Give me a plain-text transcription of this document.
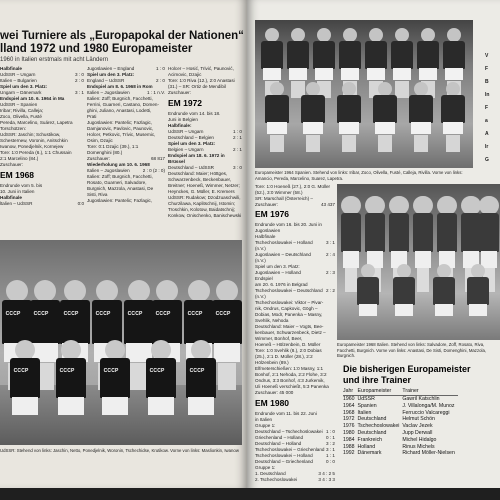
wei Turniere als „Europapokal der Nationen“
lland 1972 und 1980 Europameister
1960 in Italien erstmals mit acht Ländern
Halbfinale
UdSSR – Ungarn	3 : 0
Italien – Bulgarien	2 : 0
Spiel um den 3. Platz:
Ungarn – Dänemark	3 : 1
Endspiel am 10. 6. 1964 in Ma
UdSSR – Spanien
Iribar; Rivilla, Calleja;
Zoco, Olivella, Fusté
Pereda, Marcelino, Suárez, Lapetra
Torschützen:
UdSSR: Jaschin; Schustikow,
Schesternew, Voronin, Anitschkin
Iwanow, Ponedjelnik, Kornejew
Tore: 1:0 Pereda (6.), 1:1 Chussain
2:1 Marcelino (84.)
Zuschauer:
EM 1968
Endrunde vom 5. bis
10. Juni in Italien
Halbfinale
ltalien – UdSSR	0:0
Jugoslawien – England	1 : 0
Spiel um den 3. Platz:
England – UdSSR	2 : 0
Endspiel am 8. 6. 1968 in Rom
Italien – Jugoslawien	1 : 1 n.V.
Italien: Zoff; Burgnich, Facchetti,
Ferrini, Guarneri, Castano, Domen-
ghini, Juliano, Anastasi, Lodetti,
Prati
Jugoslawien: Pantelic; Fazlagic,
Damjanovic, Pavlovic, Paunovic,
Holcer, Petkovic, Trivic, Musemic,
Osim, Dzajic
Tore: 0:1 Dzajic (39.), 1:1
Domenghini (80.)
Zuschauer:	68 817
Wiederholung am 10. 6. 1968
Italien – Jugoslawien	2 : 0 (2 : 0)
Italien: Zoff; Burgnich, Facchetti,
Rosato, Guarneri, Salvadore,
Burgnich, Mazzola, Anastasi, De
Sisti, Riva
Jugoslawien: Pantelic; Fazlagic,
Holcer – Hosić, Trivić, Paunović,
Acimovic, Dzajic
Tore: 1:0 Riva (12.), 2:0 Anastasi
(31.) – SR: Ortiz de Mendibil
Zuschauer:
EM 1972
Endrunde vom 14. bis 18.
Juni in Belgien
Halbfinale:
UdSSR – Ungarn	1 : 0
Deutschland – Belgien	2 : 1
Spiel um den 3. Platz:
Belgien – Ungarn	2 : 1
Endspiel am 18. 6. 1972 in
Brüssel
Deutschland – UdSSR	3 : 0
Deutschland: Maier; Höttges,
Schwarzenbeck, Beckenbauer,
Breitner; Hoeneß, Wimmer, Netzer;
Heynckes, G. Müller, E. Kremers
UdSSR: Rudakow; Dzodzuaschwili,
Churzilawa, Kaplitschnij, Istomin;
Troschkin, Kolotow, Baidatschnij;
Konkow, Onischenko, Banischewski
CCCP	CCCP	CCCP	CCCP	CCCP	CCCP	CCCP	CCCP
CCCP	CCCP	CCCP	CCCP	CCCP
UdSSR: Stehend von links: Jaschin, Netto, Ponedjelnik, Woronin, Tschechidse, Krutikow. Vorne von links: Maslionkin, Iwanow
Europameister 1964 Spanien. Stehend von links: Iribar, Zoco, Olivella, Fusté, Calleja, Rivilla. Vorne von links: Amancio, Pereda, Marcelino, Suarez, Lapetra.
Tore: 1:0 Hoeneß (27.), 2:0 G. Müller
(52.), 3:0 Wimmer (58.)
SR: Marschall (Österreich) –
Zuschauer:	43 437
EM 1976
Endrunde vom 16. bis 20. Juni in
Jugoslawien
Halbfinale
Tschechoslowakei – Holland	3 : 1
(n.V.)
Jugoslawien – Deutschland	2 : 4
(n.V.)
Spiel um den 3. Platz:
Jugoslawien – Holland	2 : 3
Endspiel
am 20. 6. 1976 in Belgrad
Tschechoslowakei – Deutschland 2 : 2
(n.V.)
Tschechoslowakei: Viktor – Pivar-
nik, Ondrus, Capkovic, Gögh –
Dobias, Modr, Panenka – Masny,
Svehlik, Nehoda
Deutschland: Maier – Vogts, Bee-
kenbauer, Schwarzenbeck, Dietz –
Wimmer, Bonhof, Beer,
Hoeneß – Hölzenbein, D. Müller
Tore: 1:0 Svehlik (8.), 2:0 Dobias
(25.), 2:1 D. Müller (28.), 2:2
Hölzenbein (89.)
Elfmeterschießen: 1:0 Masny, 1:1
Bonhof, 2:1 Nehoda, 2:2 Flohe, 3:2
Ondrus, 3:3 Bonhof, 4:3 Jurkemik,
Uli Hoeneß verschießt, 5:3 Panenka
Zuschauer: 45 000
EM 1980
Endrunde vom 11. bis 22. Juni
in Italien
Gruppe 1:
Deutschland – Tschechoslowakei 1 : 0
Griechenland – Holland	0 : 1
Deutschland – Holland	3 : 2
Tschechoslowakei – Griechenland 3 : 1
Tschechoslowakei – Holland	1 : 1
Deutschland – Griechenland	0 : 0
Gruppe 1:
1. Deutschland	3 4 : 2 5
2. Tschechoslowakei	3 4 : 3 3
Europameister 1968 Italien. Stehend von links: Salvadore, Zoff, Rosato, Riva, Facchetti, Burgnich. Vorne von links: Anastasi, De Sisti, Domenghini, Mazzola, Burgnich.
Die bisherigen Europameister
und ihre Trainer
Jahr	Europameister	Trainer
1960	UdSSR	Gawril Katschlin
1964	Spanien	J. Villalonga/M. Munoz
1968	Italien	Ferruccio Valcareggi
1972	Deutschland	Helmut Schön
1976	Tschechoslowakei	Vaclav Jezek
1980	Deutschland	Jupp Derwall
1984	Frankreich	Michel Hidalgo
1988	Holland	Rinus Michels
1992	Dänemark	Richard Möller-Nielsen
V
F
B
In
F
a
A
Ir
G
